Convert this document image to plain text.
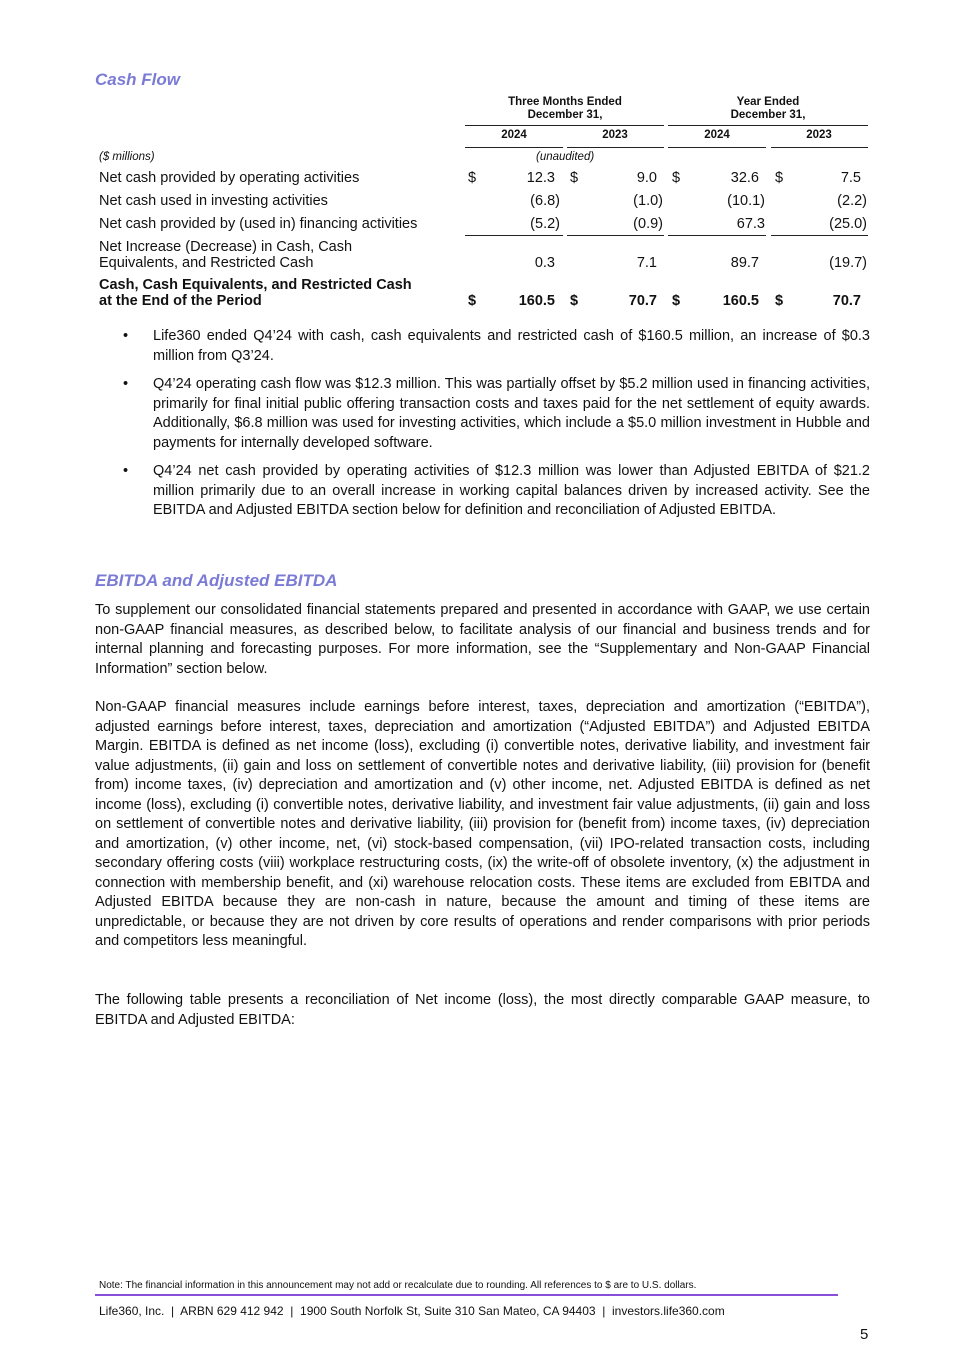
Cash Flow
Three Months Ended
December 31,
Year Ended
December 31,
2024	2023	2024	2023
($ millions)	(unaudited)
Net cash provided by operating activities	$	12.3 $	9.0 $	32.6 $	7.5
Net cash used in investing activities	(6.8)	(1.0)	(10.1)	(2.2)
Net cash provided by (used in) financing activities	(5.2)	(0.9)	67.3	(25.0)
Net Increase (Decrease) in Cash, Cash
Equivalents, and Restricted Cash	0.3	7.1	89.7	(19.7)
Cash, Cash Equivalents, and Restricted Cash
at the End of the Period	$	160.5 $	70.7 $	160.5 $	70.7
• Life360 ended Q4’24 with cash, cash equivalents and restricted cash of $160.5 million, an increase of $0.3 million from Q3’24.
• Q4’24 operating cash flow was $12.3 million. This was partially offset by $5.2 million used in financing activities, primarily for final initial public offering transaction costs and taxes paid for the net settlement of equity awards. Additionally, $6.8 million was used for investing activities, which include a $5.0 million investment in Hubble and payments for internally developed software.
• Q4’24 net cash provided by operating activities of $12.3 million was lower than Adjusted EBITDA of $21.2 million primarily due to an overall increase in working capital balances driven by increased activity. See the EBITDA and Adjusted EBITDA section below for definition and reconciliation of Adjusted EBITDA.
EBITDA and Adjusted EBITDA

To supplement our consolidated financial statements prepared and presented in accordance with GAAP, we use certain non-GAAP financial measures, as described below, to facilitate analysis of our financial and business trends and for internal planning and forecasting purposes. For more information, see the “Supplementary and Non-GAAP Financial Information” section below.

Non-GAAP financial measures include earnings before interest, taxes, depreciation and amortization (“EBITDA”), adjusted earnings before interest, taxes, depreciation and amortization (“Adjusted EBITDA”) and Adjusted EBITDA Margin. EBITDA is defined as net income (loss), excluding (i) convertible notes, derivative liability, and investment fair value adjustments, (ii) gain and loss on settlement of convertible notes and derivative liability, (iii) provision for (benefit from) income taxes, (iv) depreciation and amortization and (v) other income, net. Adjusted EBITDA is defined as net income (loss), excluding (i) convertible notes, derivative liability, and investment fair value adjustments, (ii) gain and loss on settlement of convertible notes and derivative liability, (iii) provision for (benefit from) income taxes, (iv) depreciation and amortization, (v) other income, net, (vi) stock-based compensation, (vii) IPO-related transaction costs, including secondary offering costs (viii) workplace restructuring costs, (ix) the write-off of obsolete inventory, (x) the adjustment in connection with membership benefit, and (xi) warehouse relocation costs. These items are excluded from EBITDA and Adjusted EBITDA because they are non-cash in nature, because the amount and timing of these items are unpredictable, or because they are not driven by core results of operations and render comparisons with prior periods and competitors less meaningful.

The following table presents a reconciliation of Net income (loss), the most directly comparable GAAP measure, to EBITDA and Adjusted EBITDA:

Note: The financial information in this announcement may not add or recalculate due to rounding. All references to $ are to U.S. dollars.
Life360, Inc.  |  ARBN 629 412 942  |  1900 South Norfolk St, Suite 310 San Mateo, CA 94403  |  investors.life360.com
5
